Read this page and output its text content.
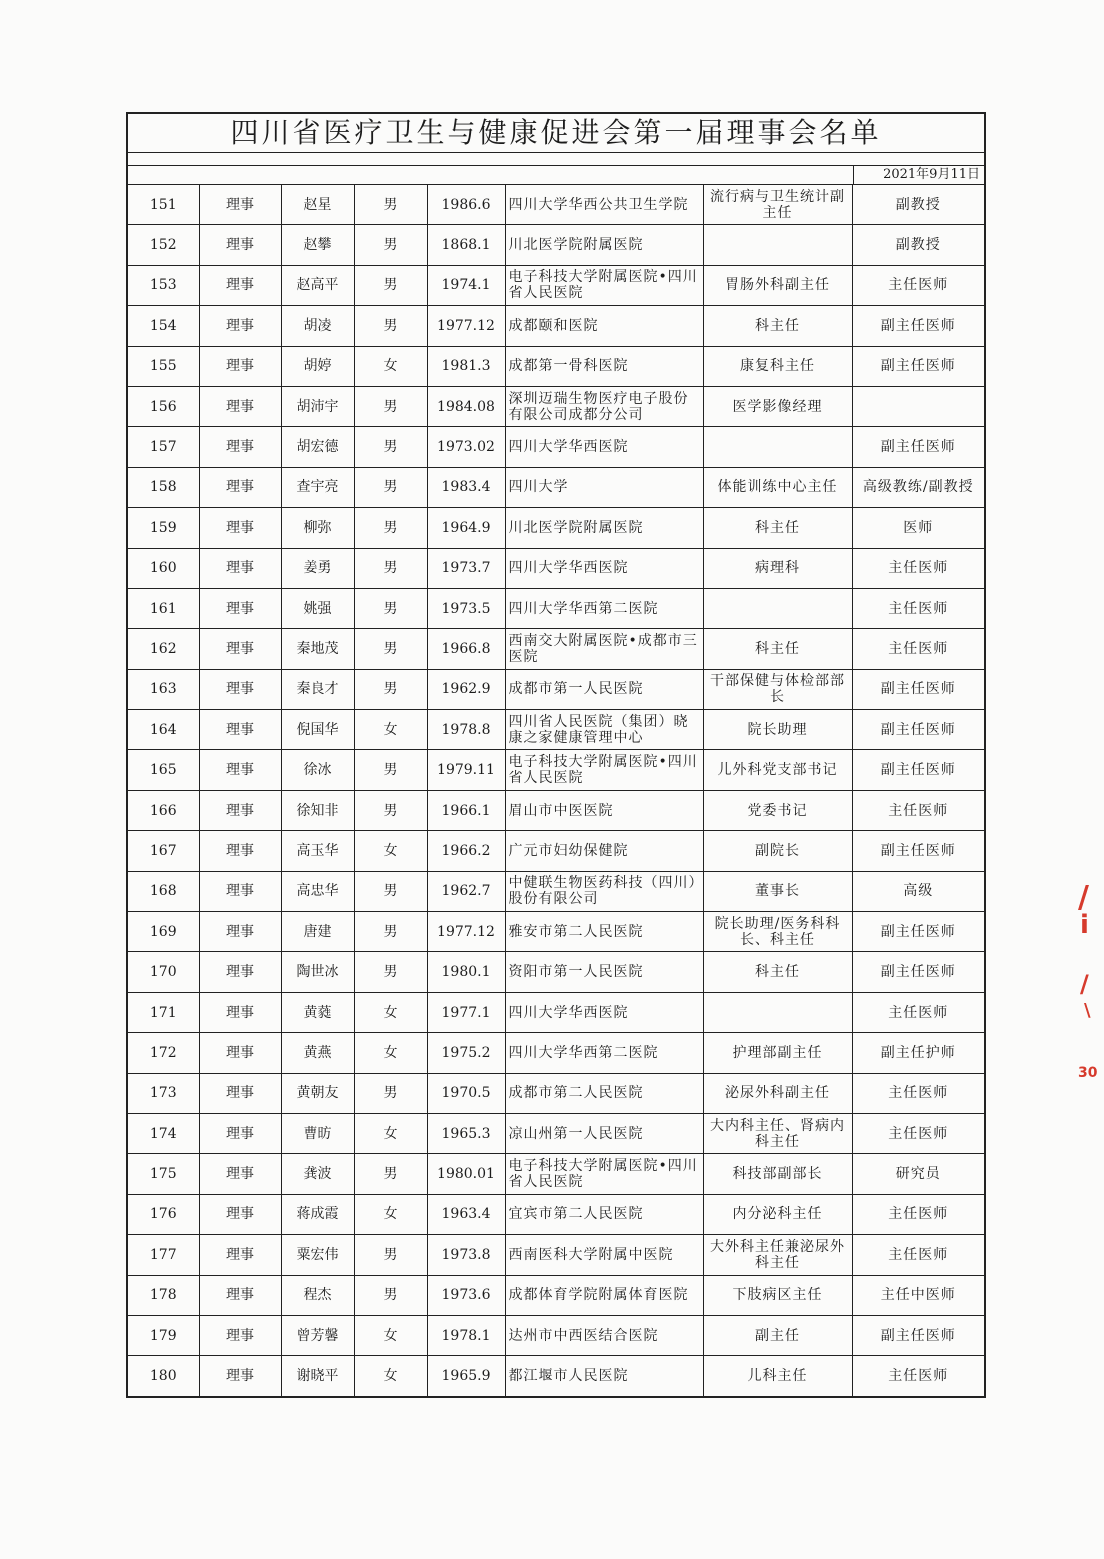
四川省医疗卫生与健康促进会第一届理事会名单
2021年9月11日
151	理事	赵星	男	1986.6	四川大学华西公共卫生学院	流行病与卫生统计副主任	副教授
152	理事	赵攀	男	1868.1	川北医学院附属医院		副教授
153	理事	赵高平	男	1974.1	电子科技大学附属医院•四川省人民医院	胃肠外科副主任	主任医师
154	理事	胡凌	男	1977.12	成都颐和医院	科主任	副主任医师
155	理事	胡婷	女	1981.3	成都第一骨科医院	康复科主任	副主任医师
156	理事	胡沛宇	男	1984.08	深圳迈瑞生物医疗电子股份有限公司成都分公司	医学影像经理	
157	理事	胡宏德	男	1973.02	四川大学华西医院		副主任医师
158	理事	查宇亮	男	1983.4	四川大学	体能训练中心主任	高级教练/副教授
159	理事	柳弥	男	1964.9	川北医学院附属医院	科主任	医师
160	理事	姜勇	男	1973.7	四川大学华西医院	病理科	主任医师
161	理事	姚强	男	1973.5	四川大学华西第二医院		主任医师
162	理事	秦地茂	男	1966.8	西南交大附属医院•成都市三医院	科主任	主任医师
163	理事	秦良才	男	1962.9	成都市第一人民医院	干部保健与体检部部长	副主任医师
164	理事	倪国华	女	1978.8	四川省人民医院（集团）晓康之家健康管理中心	院长助理	副主任医师
165	理事	徐冰	男	1979.11	电子科技大学附属医院•四川省人民医院	儿外科党支部书记	副主任医师
166	理事	徐知非	男	1966.1	眉山市中医医院	党委书记	主任医师
167	理事	高玉华	女	1966.2	广元市妇幼保健院	副院长	副主任医师
168	理事	高忠华	男	1962.7	中健联生物医药科技（四川）股份有限公司	董事长	高级
169	理事	唐建	男	1977.12	雅安市第二人民医院	院长助理/医务科科长、科主任	副主任医师
170	理事	陶世冰	男	1980.1	资阳市第一人民医院	科主任	副主任医师
171	理事	黄蕤	女	1977.1	四川大学华西医院		主任医师
172	理事	黄燕	女	1975.2	四川大学华西第二医院	护理部副主任	副主任护师
173	理事	黄朝友	男	1970.5	成都市第二人民医院	泌尿外科副主任	主任医师
174	理事	曹昉	女	1965.3	凉山州第一人民医院	大内科主任、肾病内科主任	主任医师
175	理事	龚波	男	1980.01	电子科技大学附属医院•四川省人民医院	科技部副部长	研究员
176	理事	蒋成霞	女	1963.4	宜宾市第二人民医院	内分泌科主任	主任医师
177	理事	粟宏伟	男	1973.8	西南医科大学附属中医院	大外科主任兼泌尿外科主任	主任医师
178	理事	程杰	男	1973.6	成都体育学院附属体育医院	下肢病区主任	主任中医师
179	理事	曾芳馨	女	1978.1	达州市中西医结合医院	副主任	副主任医师
180	理事	谢晓平	女	1965.9	都江堰市人民医院	儿科主任	主任医师
/
i
/
\
30
